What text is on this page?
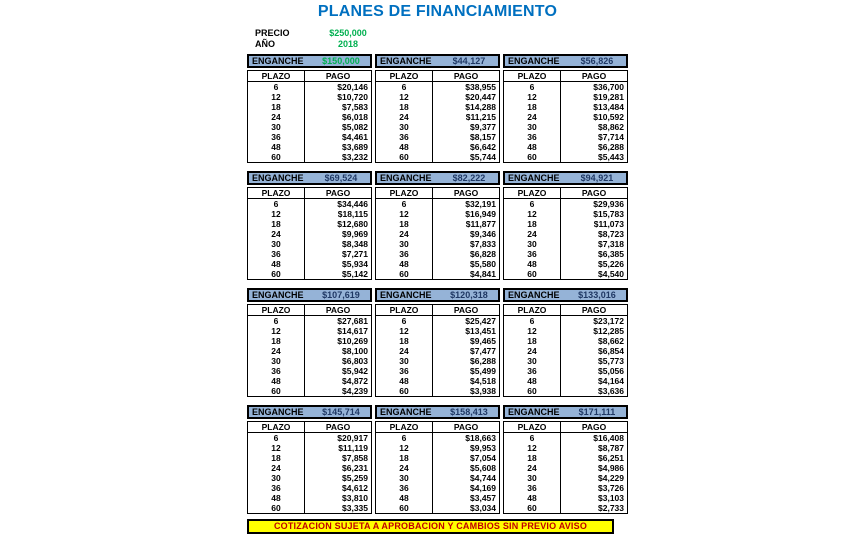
PLANES DE FINANCIAMIENTO
PRECIO	$250,000
AÑO	2018
ENGANCHE	$150,000
PLAZO	PAGO
6	$20,146
12	$10,720
18	$7,583
24	$6,018
30	$5,082
36	$4,461
48	$3,689
60	$3,232
ENGANCHE	$44,127
PLAZO	PAGO
6	$38,955
12	$20,447
18	$14,288
24	$11,215
30	$9,377
36	$8,157
48	$6,642
60	$5,744
ENGANCHE	$56,826
PLAZO	PAGO
6	$36,700
12	$19,281
18	$13,484
24	$10,592
30	$8,862
36	$7,714
48	$6,288
60	$5,443
ENGANCHE	$69,524
PLAZO	PAGO
6	$34,446
12	$18,115
18	$12,680
24	$9,969
30	$8,348
36	$7,271
48	$5,934
60	$5,142
ENGANCHE	$82,222
PLAZO	PAGO
6	$32,191
12	$16,949
18	$11,877
24	$9,346
30	$7,833
36	$6,828
48	$5,580
60	$4,841
ENGANCHE	$94,921
PLAZO	PAGO
6	$29,936
12	$15,783
18	$11,073
24	$8,723
30	$7,318
36	$6,385
48	$5,226
60	$4,540
ENGANCHE	$107,619
PLAZO	PAGO
6	$27,681
12	$14,617
18	$10,269
24	$8,100
30	$6,803
36	$5,942
48	$4,872
60	$4,239
ENGANCHE	$120,318
PLAZO	PAGO
6	$25,427
12	$13,451
18	$9,465
24	$7,477
30	$6,288
36	$5,499
48	$4,518
60	$3,938
ENGANCHE	$133,016
PLAZO	PAGO
6	$23,172
12	$12,285
18	$8,662
24	$6,854
30	$5,773
36	$5,056
48	$4,164
60	$3,636
ENGANCHE	$145,714
PLAZO	PAGO
6	$20,917
12	$11,119
18	$7,858
24	$6,231
30	$5,259
36	$4,612
48	$3,810
60	$3,335
ENGANCHE	$158,413
PLAZO	PAGO
6	$18,663
12	$9,953
18	$7,054
24	$5,608
30	$4,744
36	$4,169
48	$3,457
60	$3,034
ENGANCHE	$171,111
PLAZO	PAGO
6	$16,408
12	$8,787
18	$6,251
24	$4,986
30	$4,229
36	$3,726
48	$3,103
60	$2,733
COTIZACION SUJETA A APROBACION Y CAMBIOS SIN PREVIO AVISO
